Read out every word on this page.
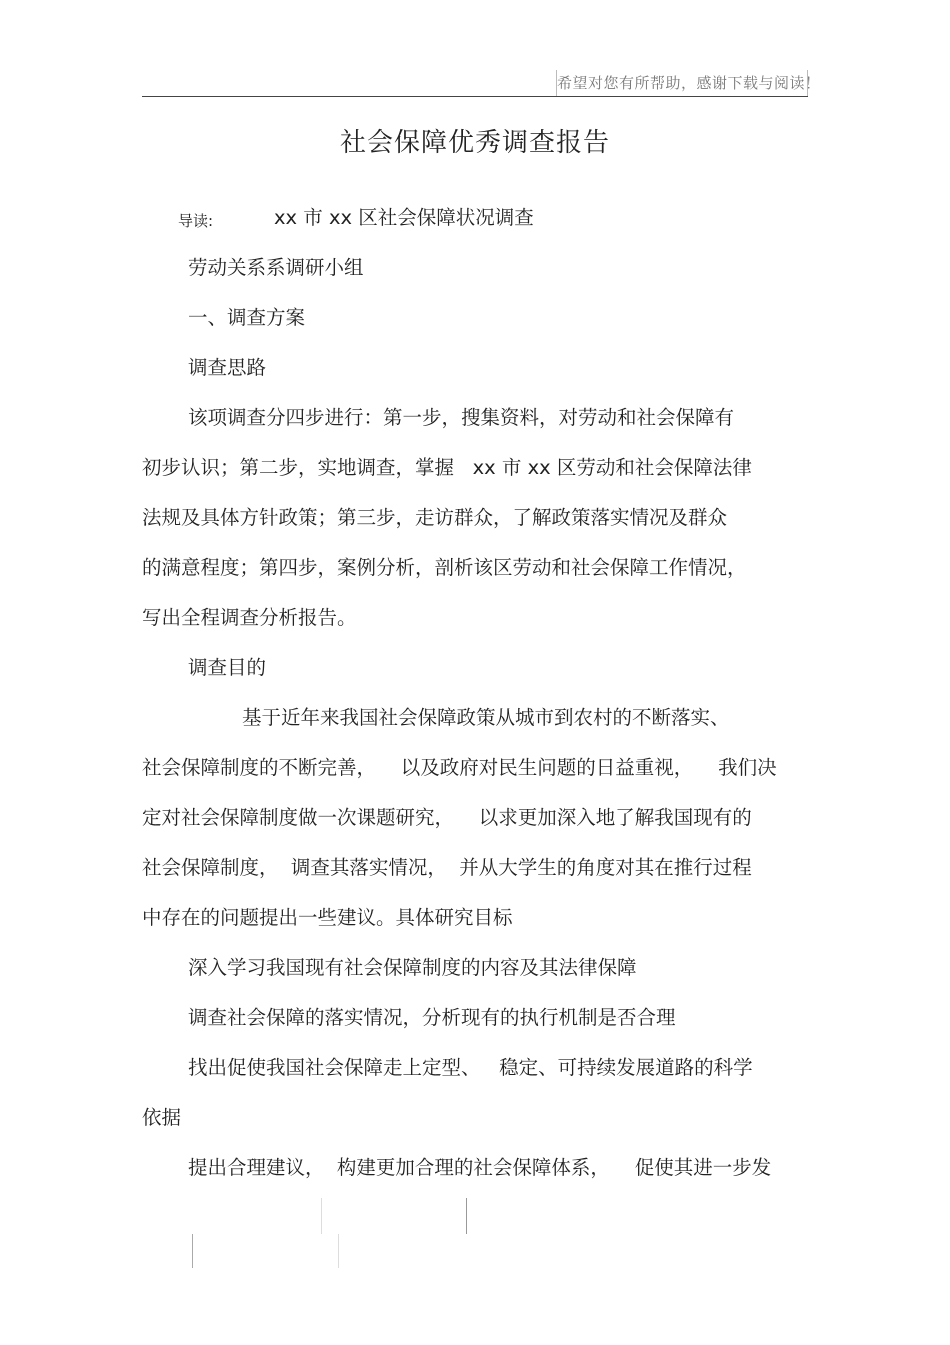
希望对您有所帮助，感谢下载与阅读！
社会保障优秀调查报告
导读:	xx 市 xx 区社会保障状况调查
劳动关系系调研小组
一、调查方案
调查思路
该项调查分四步进行：第一步，搜集资料，对劳动和社会保障有
初步认识；第二步，实地调查，掌握   xx 市 xx 区劳动和社会保障法律
法规及具体方针政策；第三步，走访群众，了解政策落实情况及群众
的满意程度；第四步，案例分析，剖析该区劳动和社会保障工作情况，
写出全程调查分析报告。
调查目的
基于近年来我国社会保障政策从城市到农村的不断落实、
社会保障制度的不断完善，    以及政府对民生问题的日益重视，    我们决
定对社会保障制度做一次课题研究，    以求更加深入地了解我国现有的
社会保障制度，  调查其落实情况，  并从大学生的角度对其在推行过程
中存在的问题提出一些建议。具体研究目标
深入学习我国现有社会保障制度的内容及其法律保障
调查社会保障的落实情况，分析现有的执行机制是否合理
找出促使我国社会保障走上定型、   稳定、可持续发展道路的科学
依据
提出合理建议，  构建更加合理的社会保障体系，    促使其进一步发
